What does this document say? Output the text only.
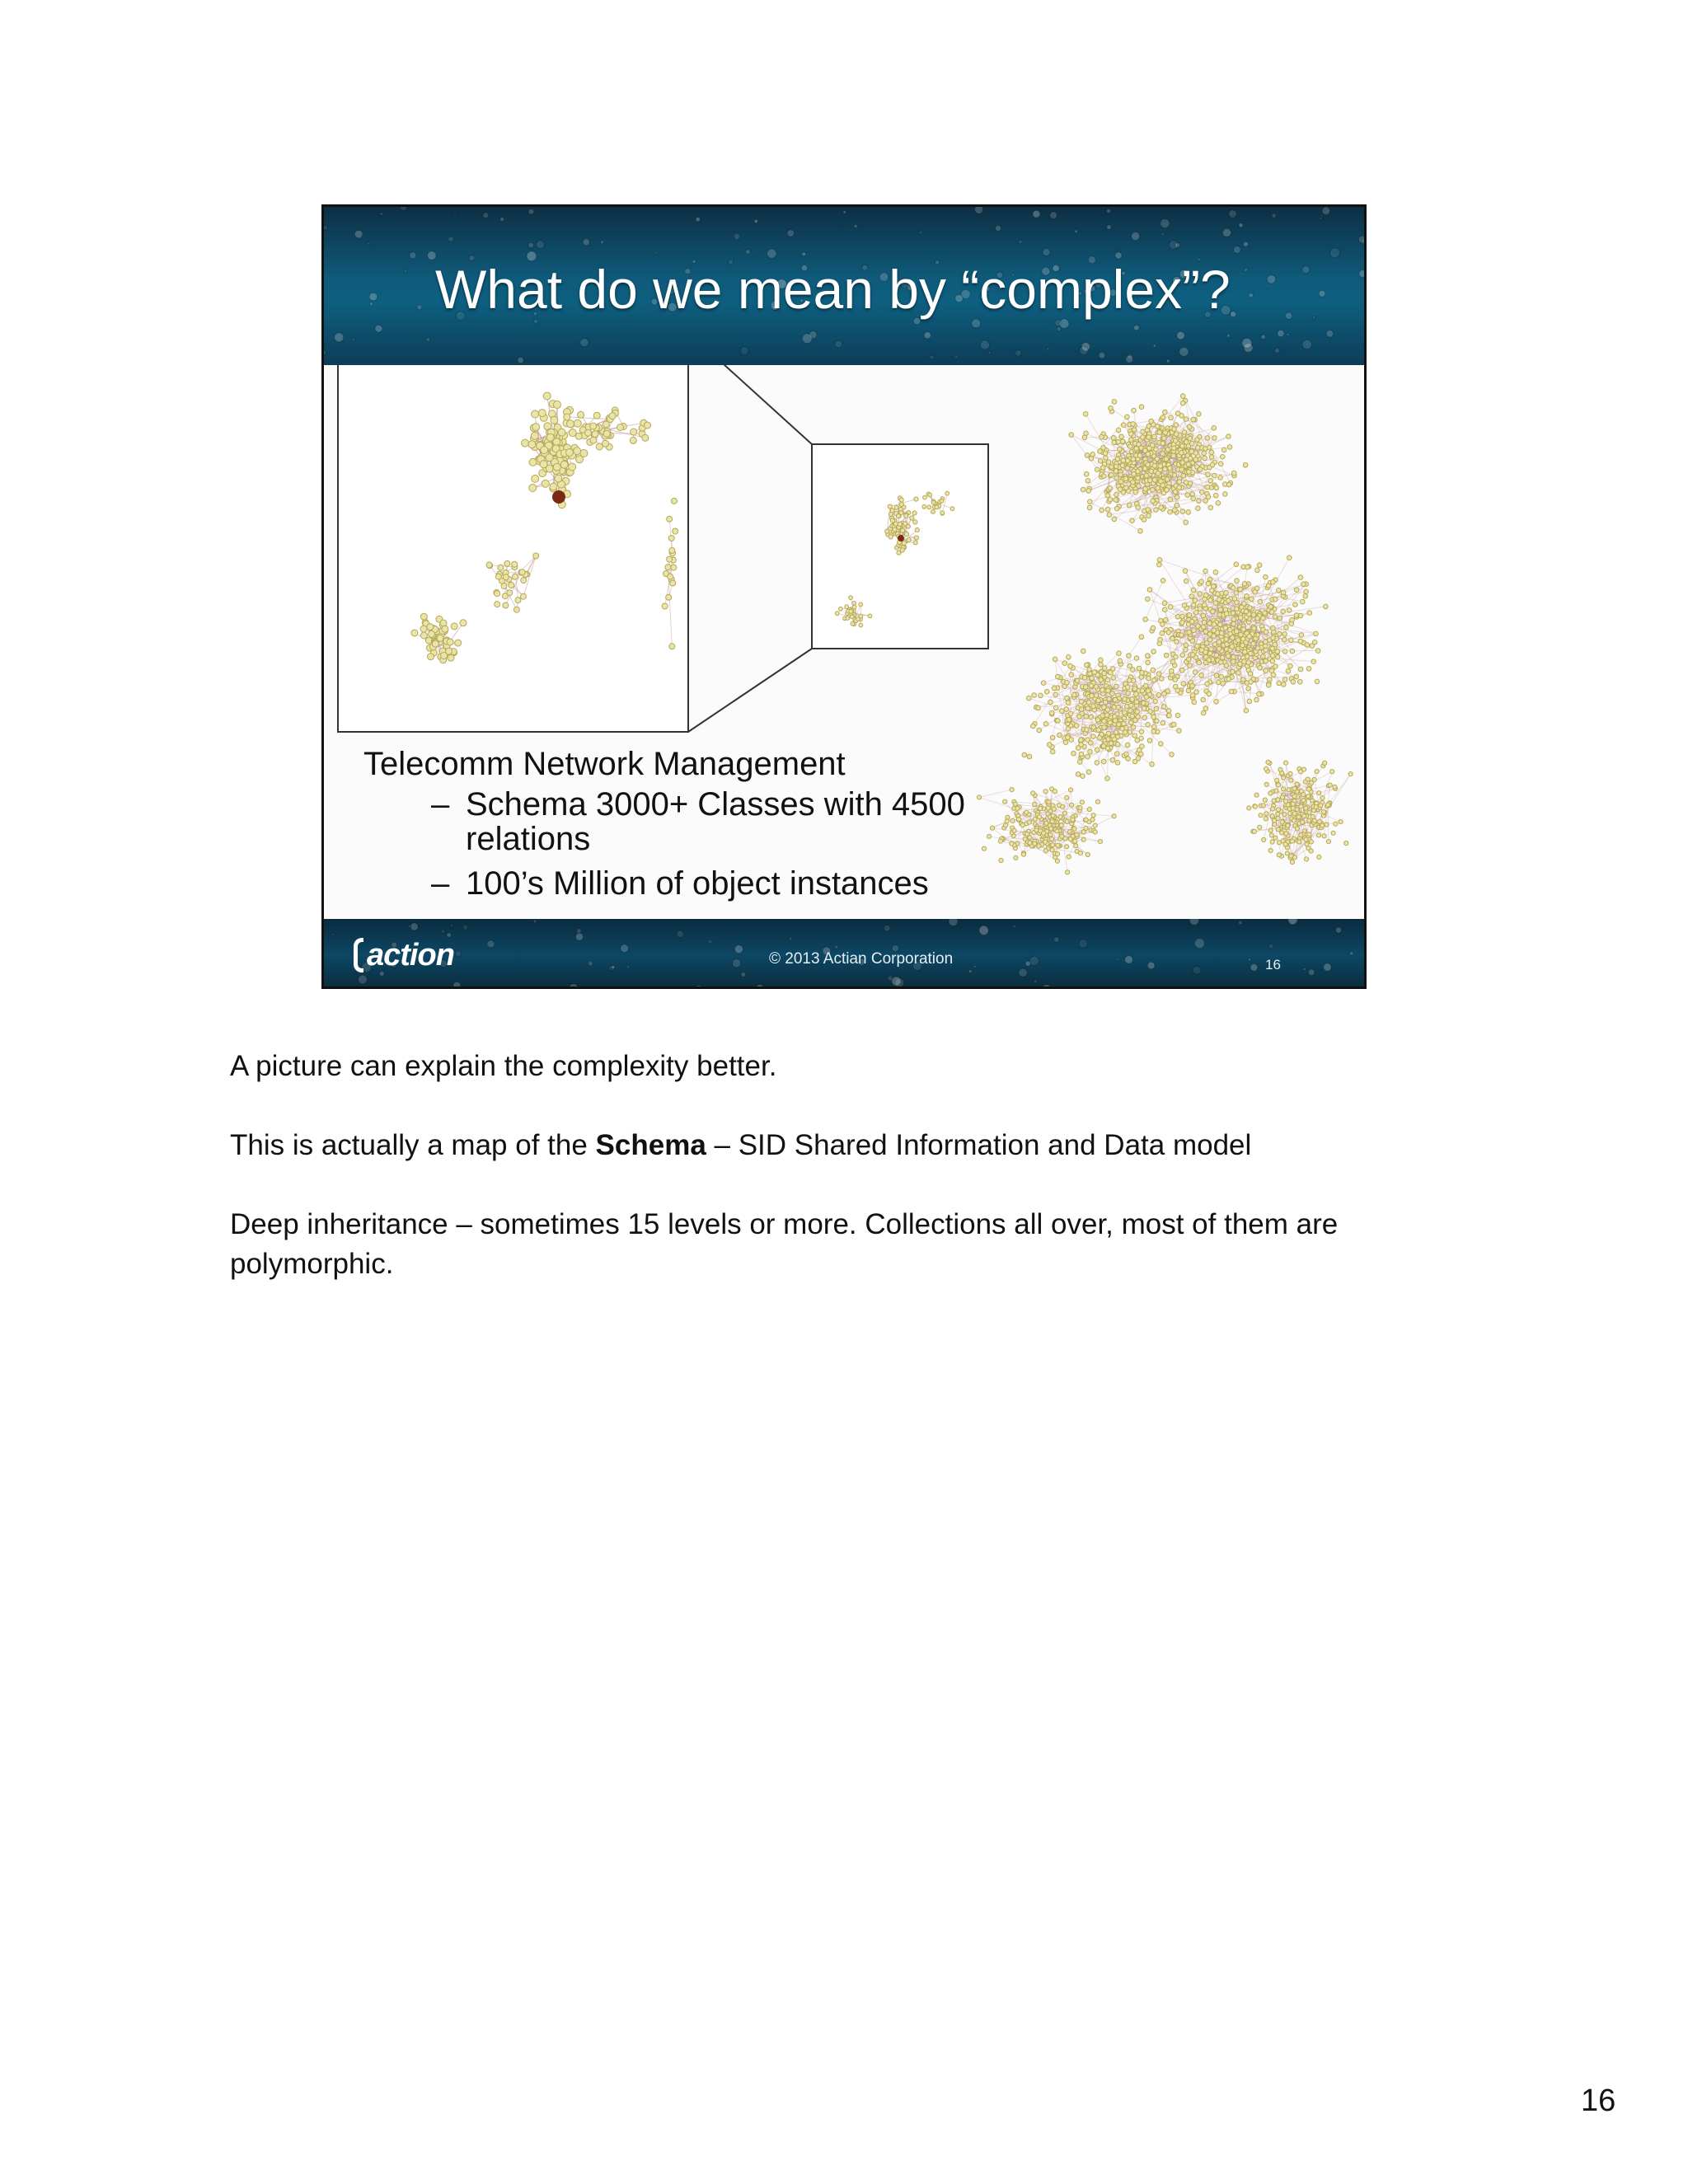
What do we mean by “complex”?
Telecomm Network Management
– Schema 3000+ Classes with 4500 relations
– 100’s Million of object instances
action	© 2013 Actian Corporation	16

A picture can explain the complexity better.

This is actually a map of the Schema – SID Shared Information and Data model

Deep inheritance – sometimes 15 levels or more. Collections all over, most of them are polymorphic.

16
